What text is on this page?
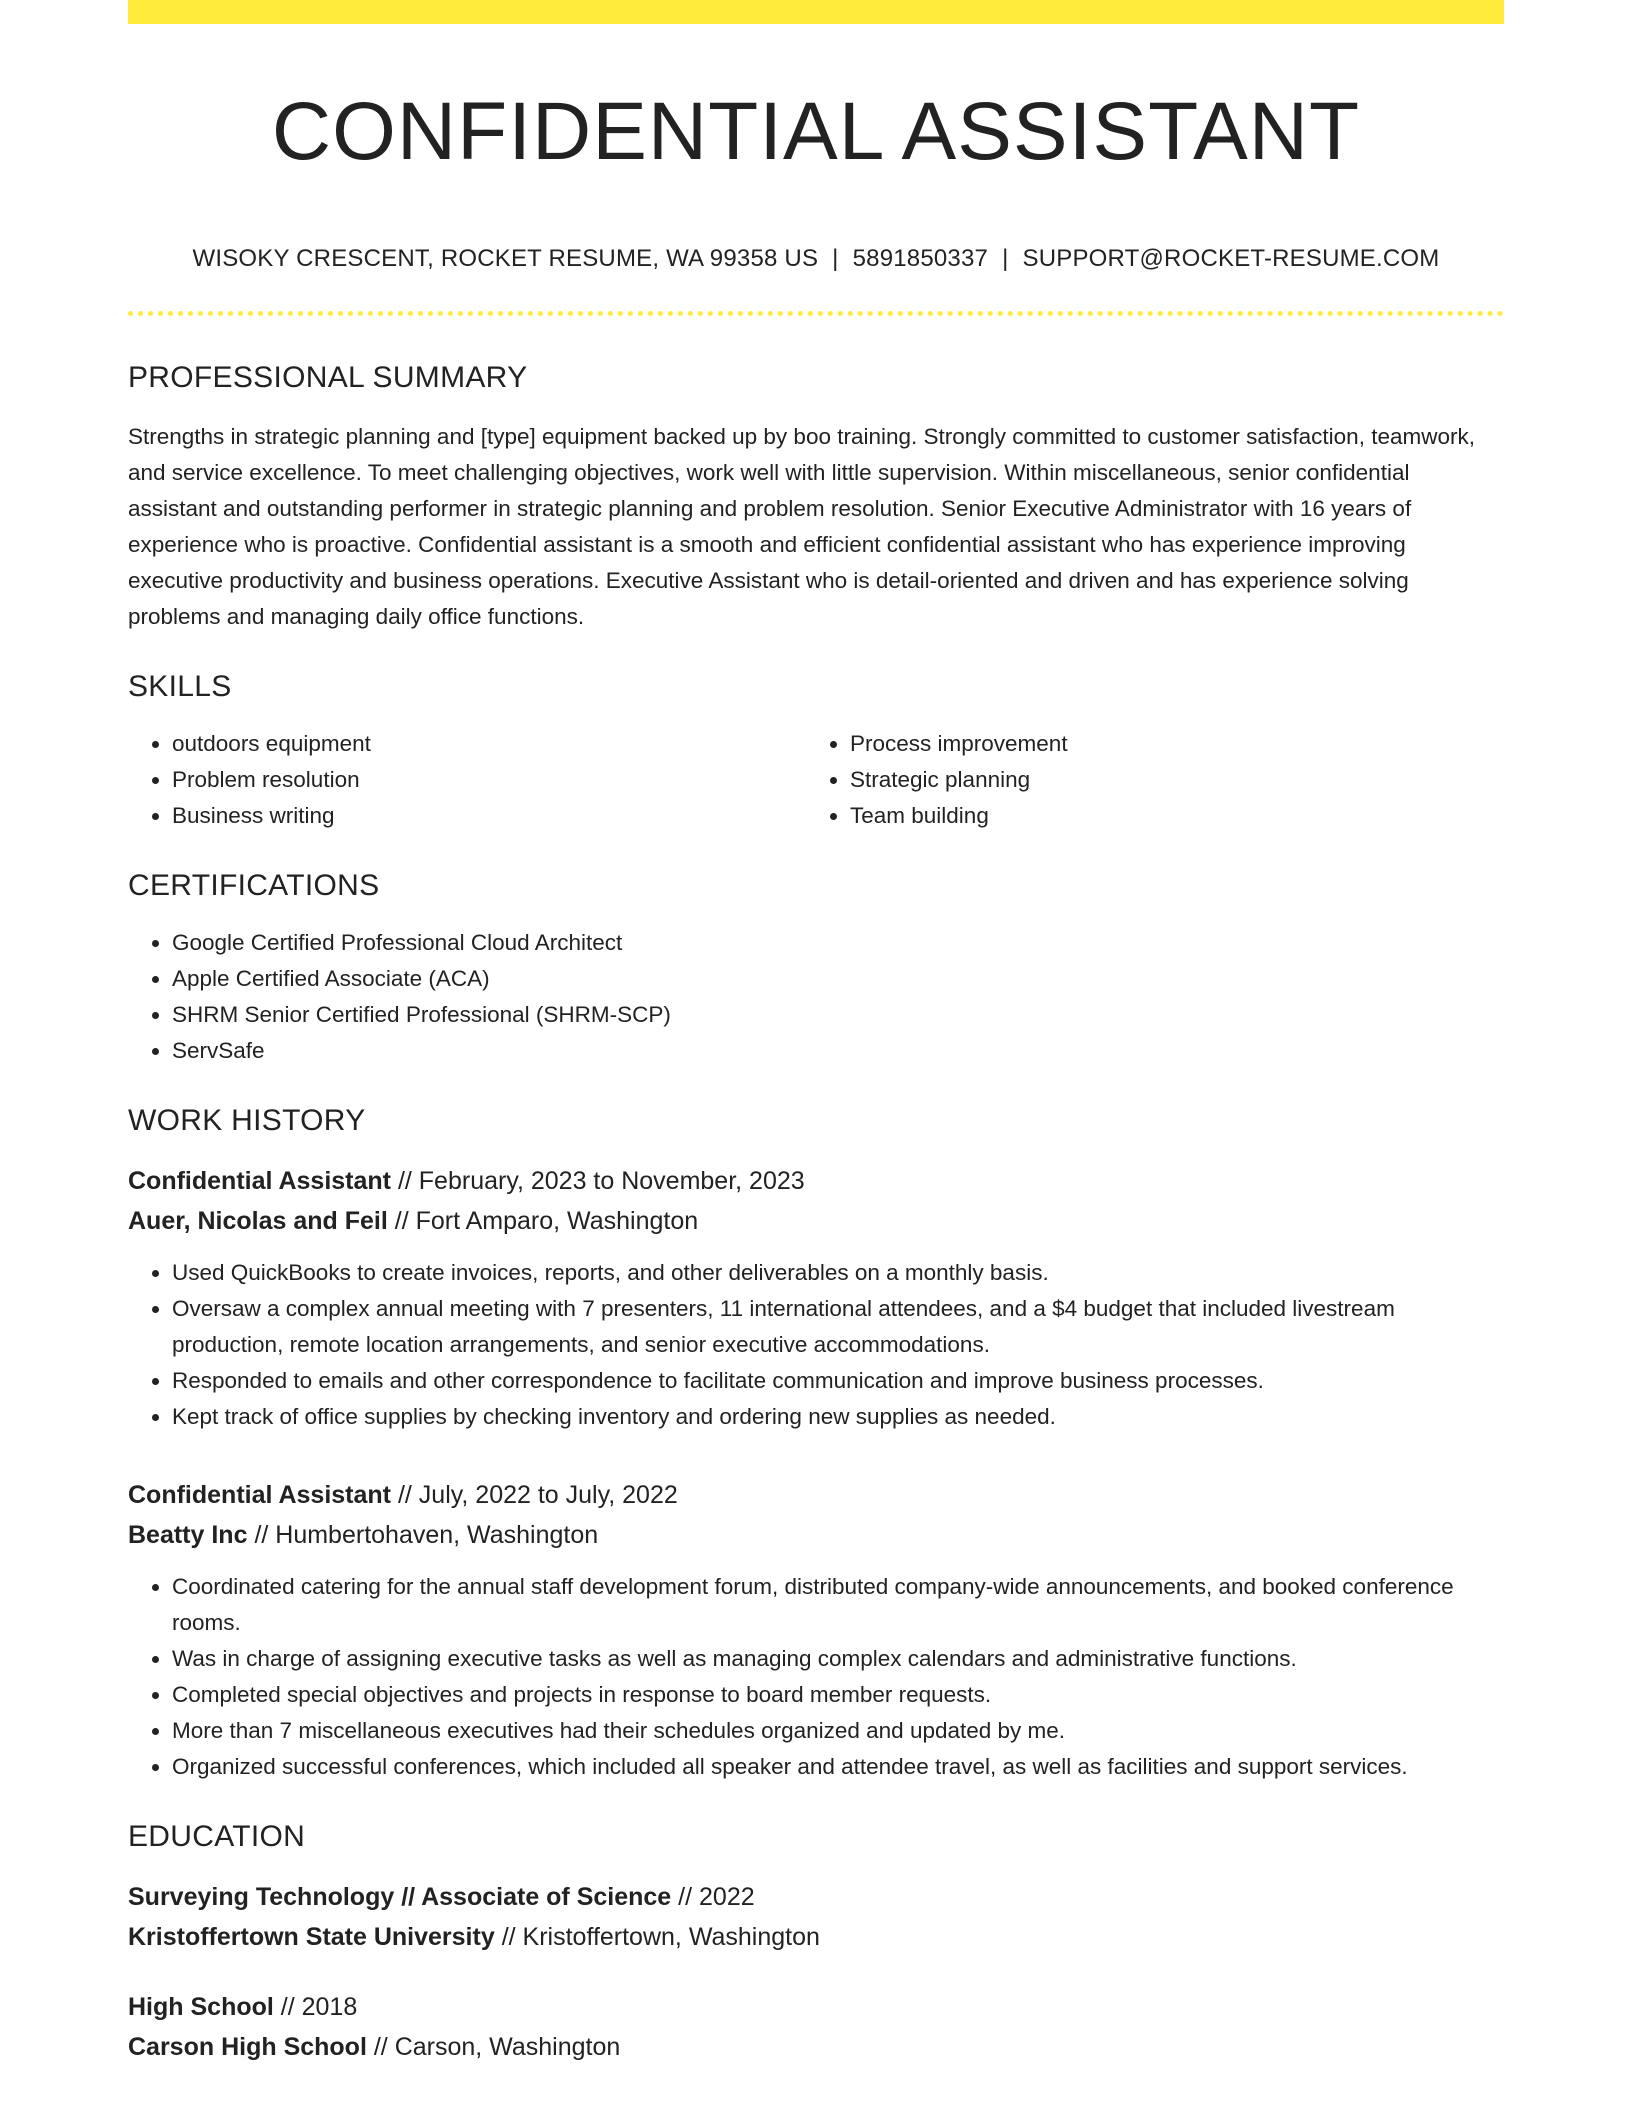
CONFIDENTIAL ASSISTANT
WISOKY CRESCENT, ROCKET RESUME, WA 99358 US | 5891850337 | SUPPORT@ROCKET-RESUME.COM
PROFESSIONAL SUMMARY
Strengths in strategic planning and [type] equipment backed up by boo training. Strongly committed to customer satisfaction, teamwork, and service excellence. To meet challenging objectives, work well with little supervision. Within miscellaneous, senior confidential assistant and outstanding performer in strategic planning and problem resolution. Senior Executive Administrator with 16 years of experience who is proactive. Confidential assistant is a smooth and efficient confidential assistant who has experience improving executive productivity and business operations. Executive Assistant who is detail-oriented and driven and has experience solving problems and managing daily office functions.
SKILLS
• outdoors equipment
• Problem resolution
• Business writing
• Process improvement
• Strategic planning
• Team building
CERTIFICATIONS
• Google Certified Professional Cloud Architect
• Apple Certified Associate (ACA)
• SHRM Senior Certified Professional (SHRM-SCP)
• ServSafe
WORK HISTORY
Confidential Assistant // February, 2023 to November, 2023
Auer, Nicolas and Feil // Fort Amparo, Washington
• Used QuickBooks to create invoices, reports, and other deliverables on a monthly basis.
• Oversaw a complex annual meeting with 7 presenters, 11 international attendees, and a $4 budget that included livestream production, remote location arrangements, and senior executive accommodations.
• Responded to emails and other correspondence to facilitate communication and improve business processes.
• Kept track of office supplies by checking inventory and ordering new supplies as needed.
Confidential Assistant // July, 2022 to July, 2022
Beatty Inc // Humbertohaven, Washington
• Coordinated catering for the annual staff development forum, distributed company-wide announcements, and booked conference rooms.
• Was in charge of assigning executive tasks as well as managing complex calendars and administrative functions.
• Completed special objectives and projects in response to board member requests.
• More than 7 miscellaneous executives had their schedules organized and updated by me.
• Organized successful conferences, which included all speaker and attendee travel, as well as facilities and support services.
EDUCATION
Surveying Technology // Associate of Science // 2022
Kristoffertown State University // Kristoffertown, Washington
High School // 2018
Carson High School // Carson, Washington
